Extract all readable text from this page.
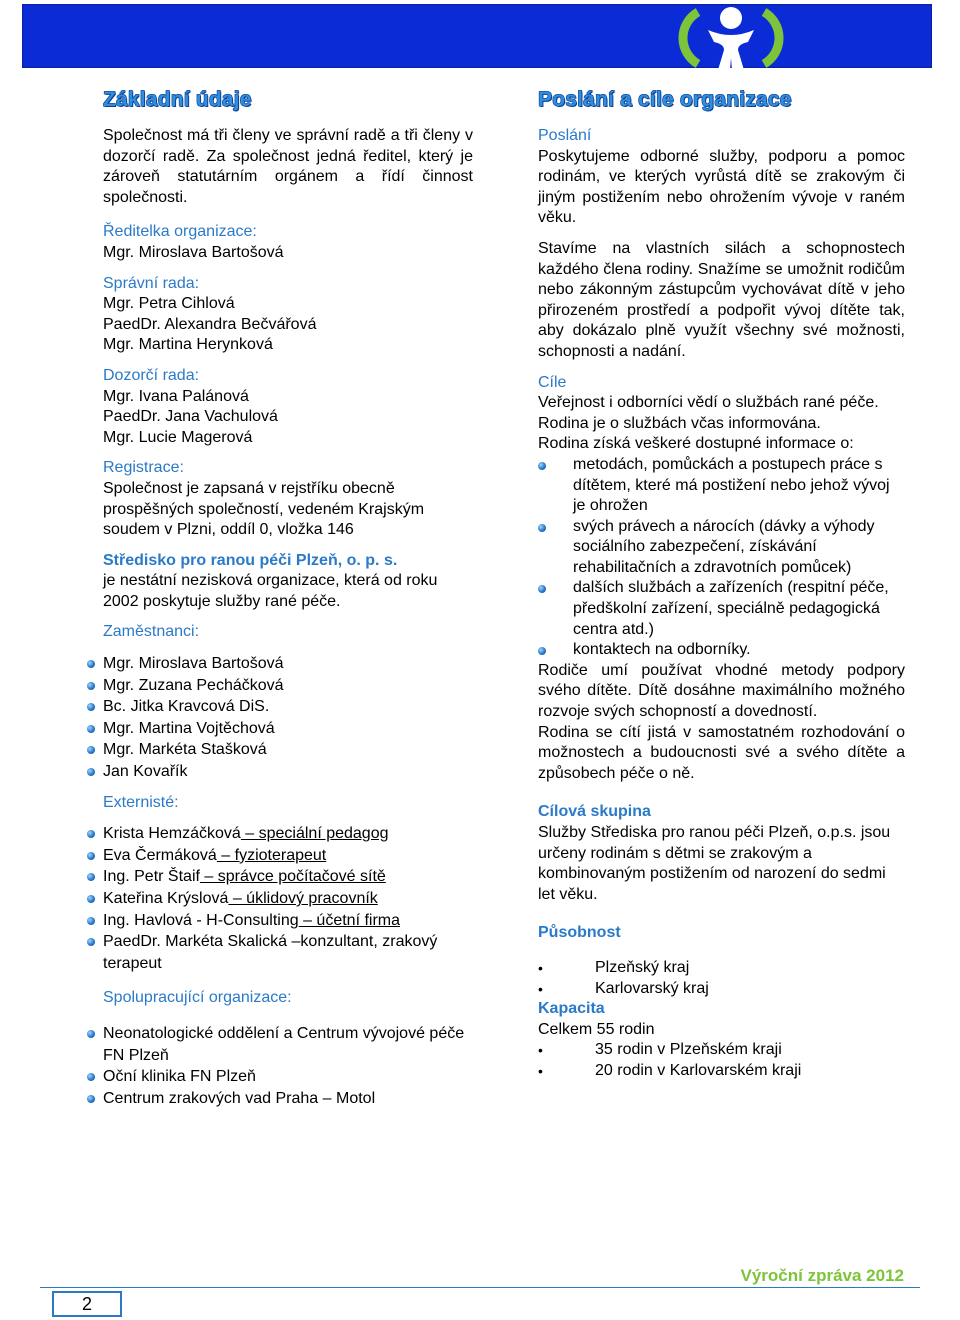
Základní údaje

Společnost má tři členy ve správní radě a tři členy v dozorčí radě. Za společnost jedná ředitel, který je zároveň statutárním orgánem a řídí činnost společnosti.

Ředitelka organizace:

Mgr. Miroslava Bartošová

Správní rada:

Mgr. Petra Cihlová

PaedDr. Alexandra Bečvářová

Mgr. Martina Herynková

Dozorčí rada:

Mgr. Ivana Palánová

PaedDr. Jana Vachulová

Mgr. Lucie Magerová

Registrace:

Společnost je zapsaná v rejstříku obecně prospěšných společností, vedeném Krajským soudem v Plzni, oddíl 0, vložka 146

Středisko pro ranou péči Plzeň, o. p. s.

je nestátní nezisková organizace, která od roku 2002 poskytuje služby rané péče.

Zaměstnanci:

Mgr. Miroslava Bartošová
Mgr. Zuzana Pecháčková
Bc. Jitka Kravcová DiS.
Mgr. Martina Vojtěchová
Mgr. Markéta Stašková
Jan Kovařík

Externisté:

Krista Hemzáčková – speciální pedagog
Eva Čermáková – fyzioterapeut
Ing. Petr Štaif – správce počítačové sítě
Kateřina Krýslová – úklidový pracovník
Ing. Havlová - H-Consulting – účetní firma
PaedDr. Markéta Skalická –konzultant, zrakový terapeut

Spolupracující organizace:

Neonatologické oddělení a Centrum vývojové péče FN Plzeň
Oční klinika FN Plzeň
Centrum zrakových vad Praha – Motol
Poslání a cíle organizace

Poslání

Poskytujeme odborné služby, podporu a pomoc rodinám, ve kterých vyrůstá dítě se zrakovým či jiným postižením nebo ohrožením vývoje v raném věku.

Stavíme na vlastních silách a schopnostech každého člena rodiny. Snažíme se umožnit rodičům nebo zákonným zástupcům vychovávat dítě v jeho přirozeném prostředí a podpořit vývoj dítěte tak, aby dokázalo plně využít všechny své možnosti, schopnosti a nadání.

Cíle

Veřejnost i odborníci vědí o službách rané péče.

Rodina je o službách včas informována.

Rodina získá veškeré dostupné informace o:

metodách, pomůckách a postupech práce s dítětem, které má postižení nebo jehož vývoj je ohrožen
svých právech a nárocích (dávky a výhody sociálního zabezpečení, získávání rehabilitačních a zdravotních pomůcek)
dalších službách a zařízeních (respitní péče, předškolní zařízení, speciálně pedagogická centra atd.)
kontaktech na odborníky.

Rodiče umí používat vhodné metody podpory svého dítěte. Dítě dosáhne maximálního možného rozvoje svých schopností a dovedností.

Rodina se cítí jistá v samostatném rozhodování o možnostech a budoucnosti své a svého dítěte a způsobech péče o ně.

Cílová skupina

Služby Střediska pro ranou péči Plzeň, o.p.s. jsou určeny rodinám s dětmi se zrakovým a kombinovaným postižením od narození do sedmi let věku.

Působnost

• Plzeňský kraj
• Karlovarský kraj

Kapacita

Celkem 55 rodin

• 35 rodin v Plzeňském kraji
• 20 rodin v Karlovarském kraji
Výroční zpráva 2012
2
